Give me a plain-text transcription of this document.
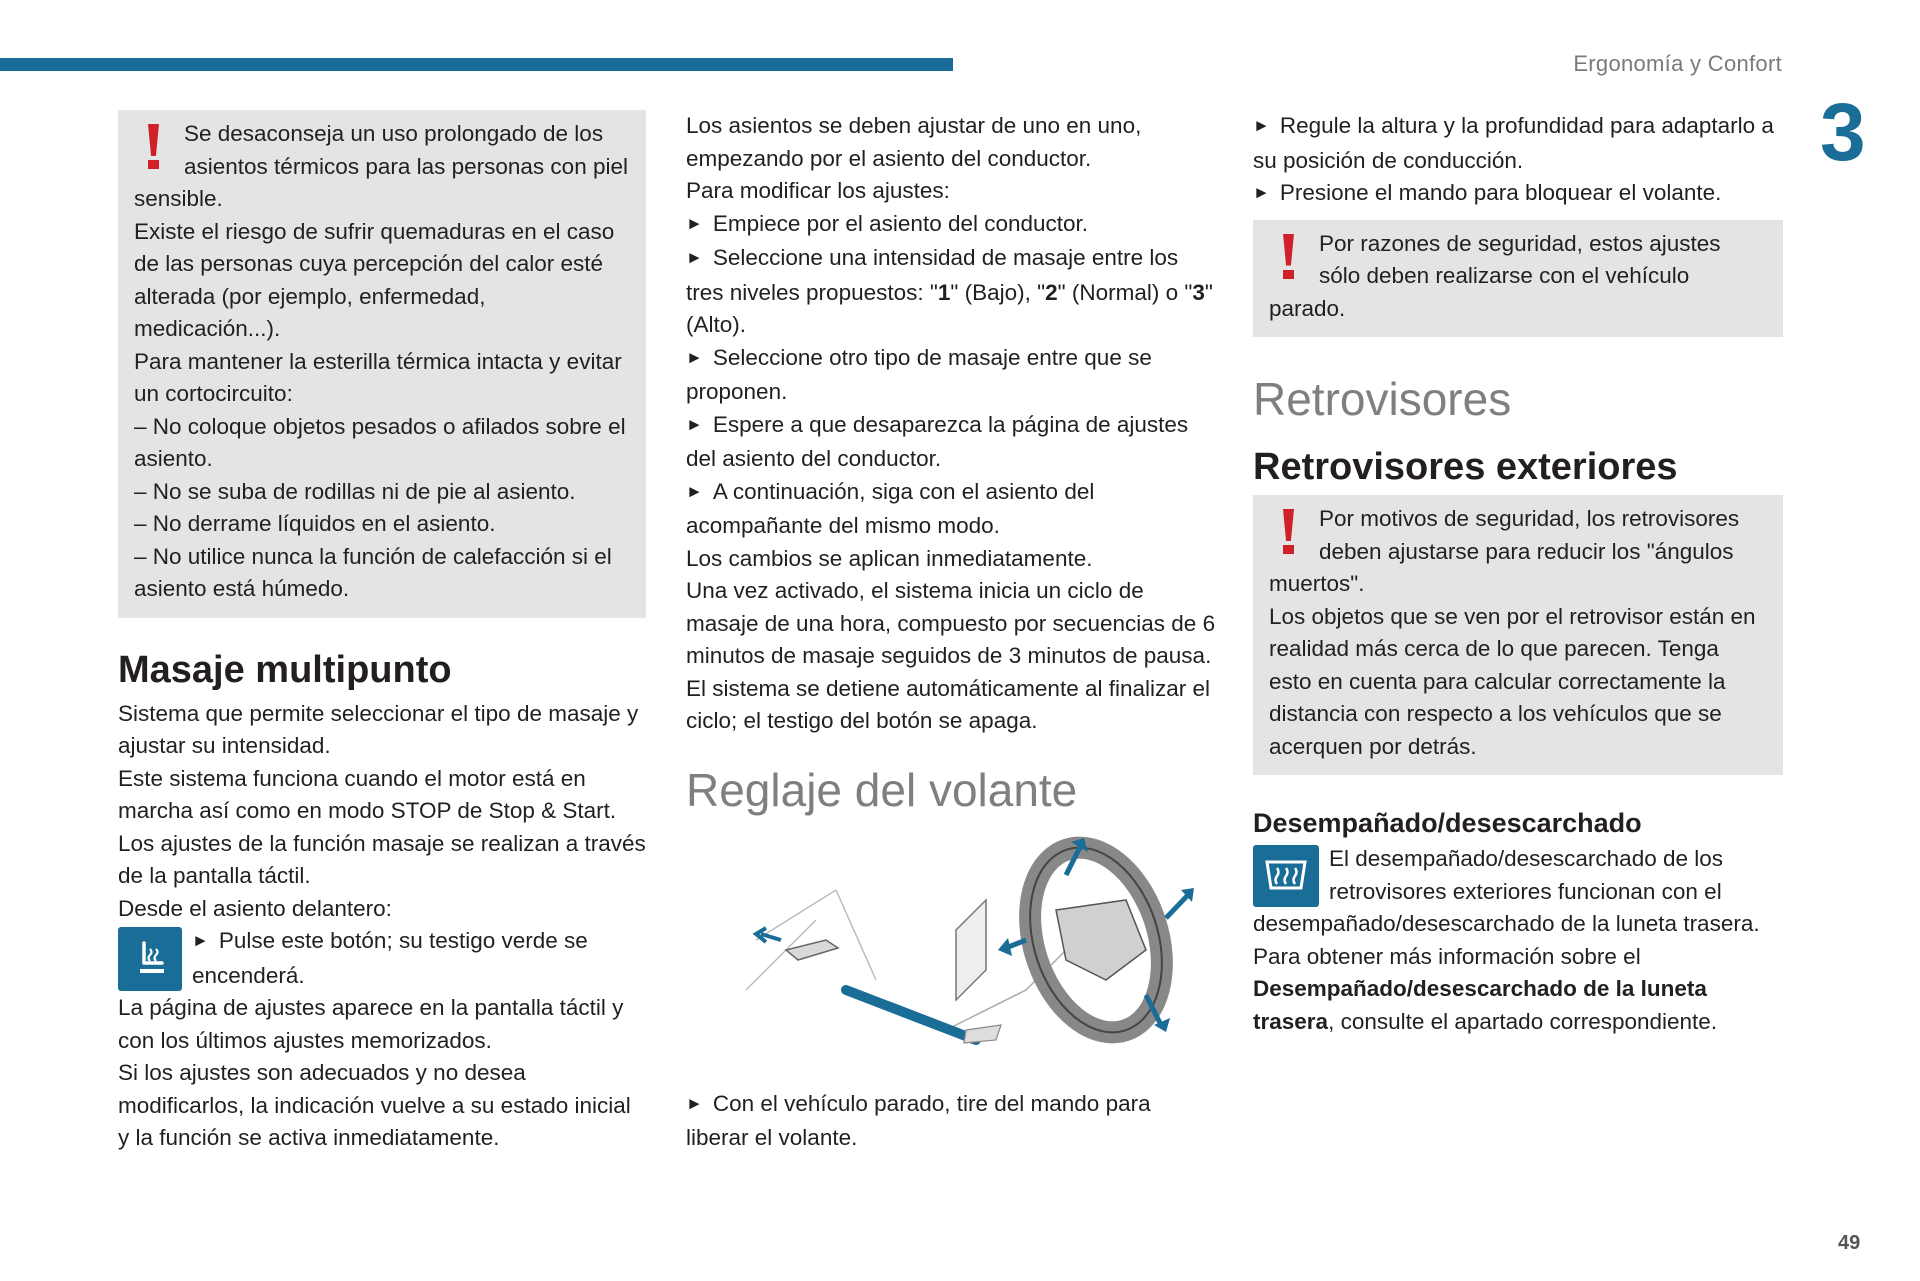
Ergonomía y Confort
3
49

Se desaconseja un uso prolongado de los asientos térmicos para las personas con piel sensible.

Existe el riesgo de sufrir quemaduras en el caso de las personas cuya percepción del calor esté alterada (por ejemplo, enfermedad, medicación...).

Para mantener la esterilla térmica intacta y evitar un cortocircuito:

– No coloque objetos pesados o afilados sobre el asiento.

– No se suba de rodillas ni de pie al asiento.

– No derrame líquidos en el asiento.

– No utilice nunca la función de calefacción si el asiento está húmedo.

Masaje multipunto

Sistema que permite seleccionar el tipo de masaje y ajustar su intensidad.

Este sistema funciona cuando el motor está en marcha así como en modo STOP de Stop & Start.

Los ajustes de la función masaje se realizan a través de la pantalla táctil.

Desde el asiento delantero:

► Pulse este botón; su testigo verde se encenderá.

La página de ajustes aparece en la pantalla táctil y con los últimos ajustes memorizados.

Si los ajustes son adecuados y no desea modificarlos, la indicación vuelve a su estado inicial y la función se activa inmediatamente.

Los asientos se deben ajustar de uno en uno, empezando por el asiento del conductor.

Para modificar los ajustes:

► Empiece por el asiento del conductor.

► Seleccione una intensidad de masaje entre los tres niveles propuestos: "1" (Bajo), "2" (Normal) o "3" (Alto).

► Seleccione otro tipo de masaje entre que se proponen.

► Espere a que desaparezca la página de ajustes del asiento del conductor.

► A continuación, siga con el asiento del acompañante del mismo modo.

Los cambios se aplican inmediatamente.

Una vez activado, el sistema inicia un ciclo de masaje de una hora, compuesto por secuencias de 6 minutos de masaje seguidos de 3 minutos de pausa.

El sistema se detiene automáticamente al finalizar el ciclo; el testigo del botón se apaga.

Reglaje del volante

► Con el vehículo parado, tire del mando para liberar el volante.

► Regule la altura y la profundidad para adaptarlo a su posición de conducción.

► Presione el mando para bloquear el volante.

Por razones de seguridad, estos ajustes sólo deben realizarse con el vehículo parado.

Retrovisores
Retrovisores exteriores

Por motivos de seguridad, los retrovisores deben ajustarse para reducir los "ángulos muertos".

Los objetos que se ven por el retrovisor están en realidad más cerca de lo que parecen. Tenga esto en cuenta para calcular correctamente la distancia con respecto a los vehículos que se acerquen por detrás.

Desempañado/desescarchado

El desempañado/desescarchado de los retrovisores exteriores funcionan con el desempañado/desescarchado de la luneta trasera.

Para obtener más información sobre el Desempañado/desescarchado de la luneta trasera, consulte el apartado correspondiente.
